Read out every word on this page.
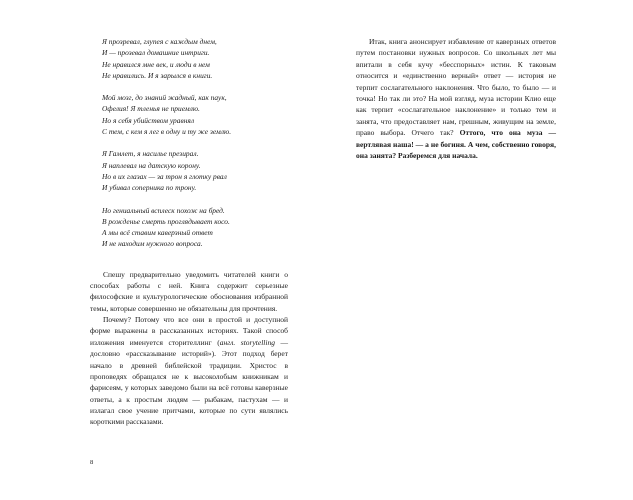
Я прозревал, глупея с каждым днем,
И — прозевал домашние интриги.
Не нравился мне век, и люди в нем
Не нравились. И я зарылся в книги.
Мой мозг, до знаний жадный, как паук,
Офелия! Я тленья не приемлю.
Но я себя убийством уравнял
С тем, с кем я лег в одну и ту же землю.
Я Гамлет, я насилье презирал.
Я наплевал на датскую корону.
Но в их глазах — за трон я глотку рвал
И убивал соперника по трону.
Но гениальный всплеск похож на бред.
В рожденье смерть проглядывает косо.
А мы всё ставим каверзный ответ
И не находим нужного вопроса.

Спешу предварительно уведомить читателей книги о способах работы с ней. Книга содержит серьезные философские и культурологические обоснования избранной темы, которые совершенно не обязательны для прочтения.

Почему? Потому что все они в простой и доступной форме выражены в рассказанных историях. Такой способ изложения именуется сторителлинг (англ. storytelling — дословно «рассказывание историй»). Этот подход берет начало в древней библейской традиции. Христос в проповедях обращался не к высоколобым книжникам и фарисеям, у которых заведомо были на всё готовы каверзные ответы, а к простым людям — рыбакам, пастухам — и излагал свое учение притчами, которые по сути являлись короткими рассказами.

8

Итак, книга анонсирует избавление от каверзных ответов путем постановки нужных вопросов. Со школьных лет мы впитали в себя кучу «бесспорных» истин. К таковым относится и «единственно верный» ответ — история не терпит сослагательного наклонения. Что было, то было — и точка! Но так ли это? На мой взгляд, муза истории Клио еще как терпит «сослагательное наклонение» и только тем и занята, что предоставляет нам, грешным, живущим на земле, право выбора. Отчего так? Оттого, что она муза — вертлявая наша! — а не богиня. А чем, собственно говоря, она занята? Разберемся для начала.
